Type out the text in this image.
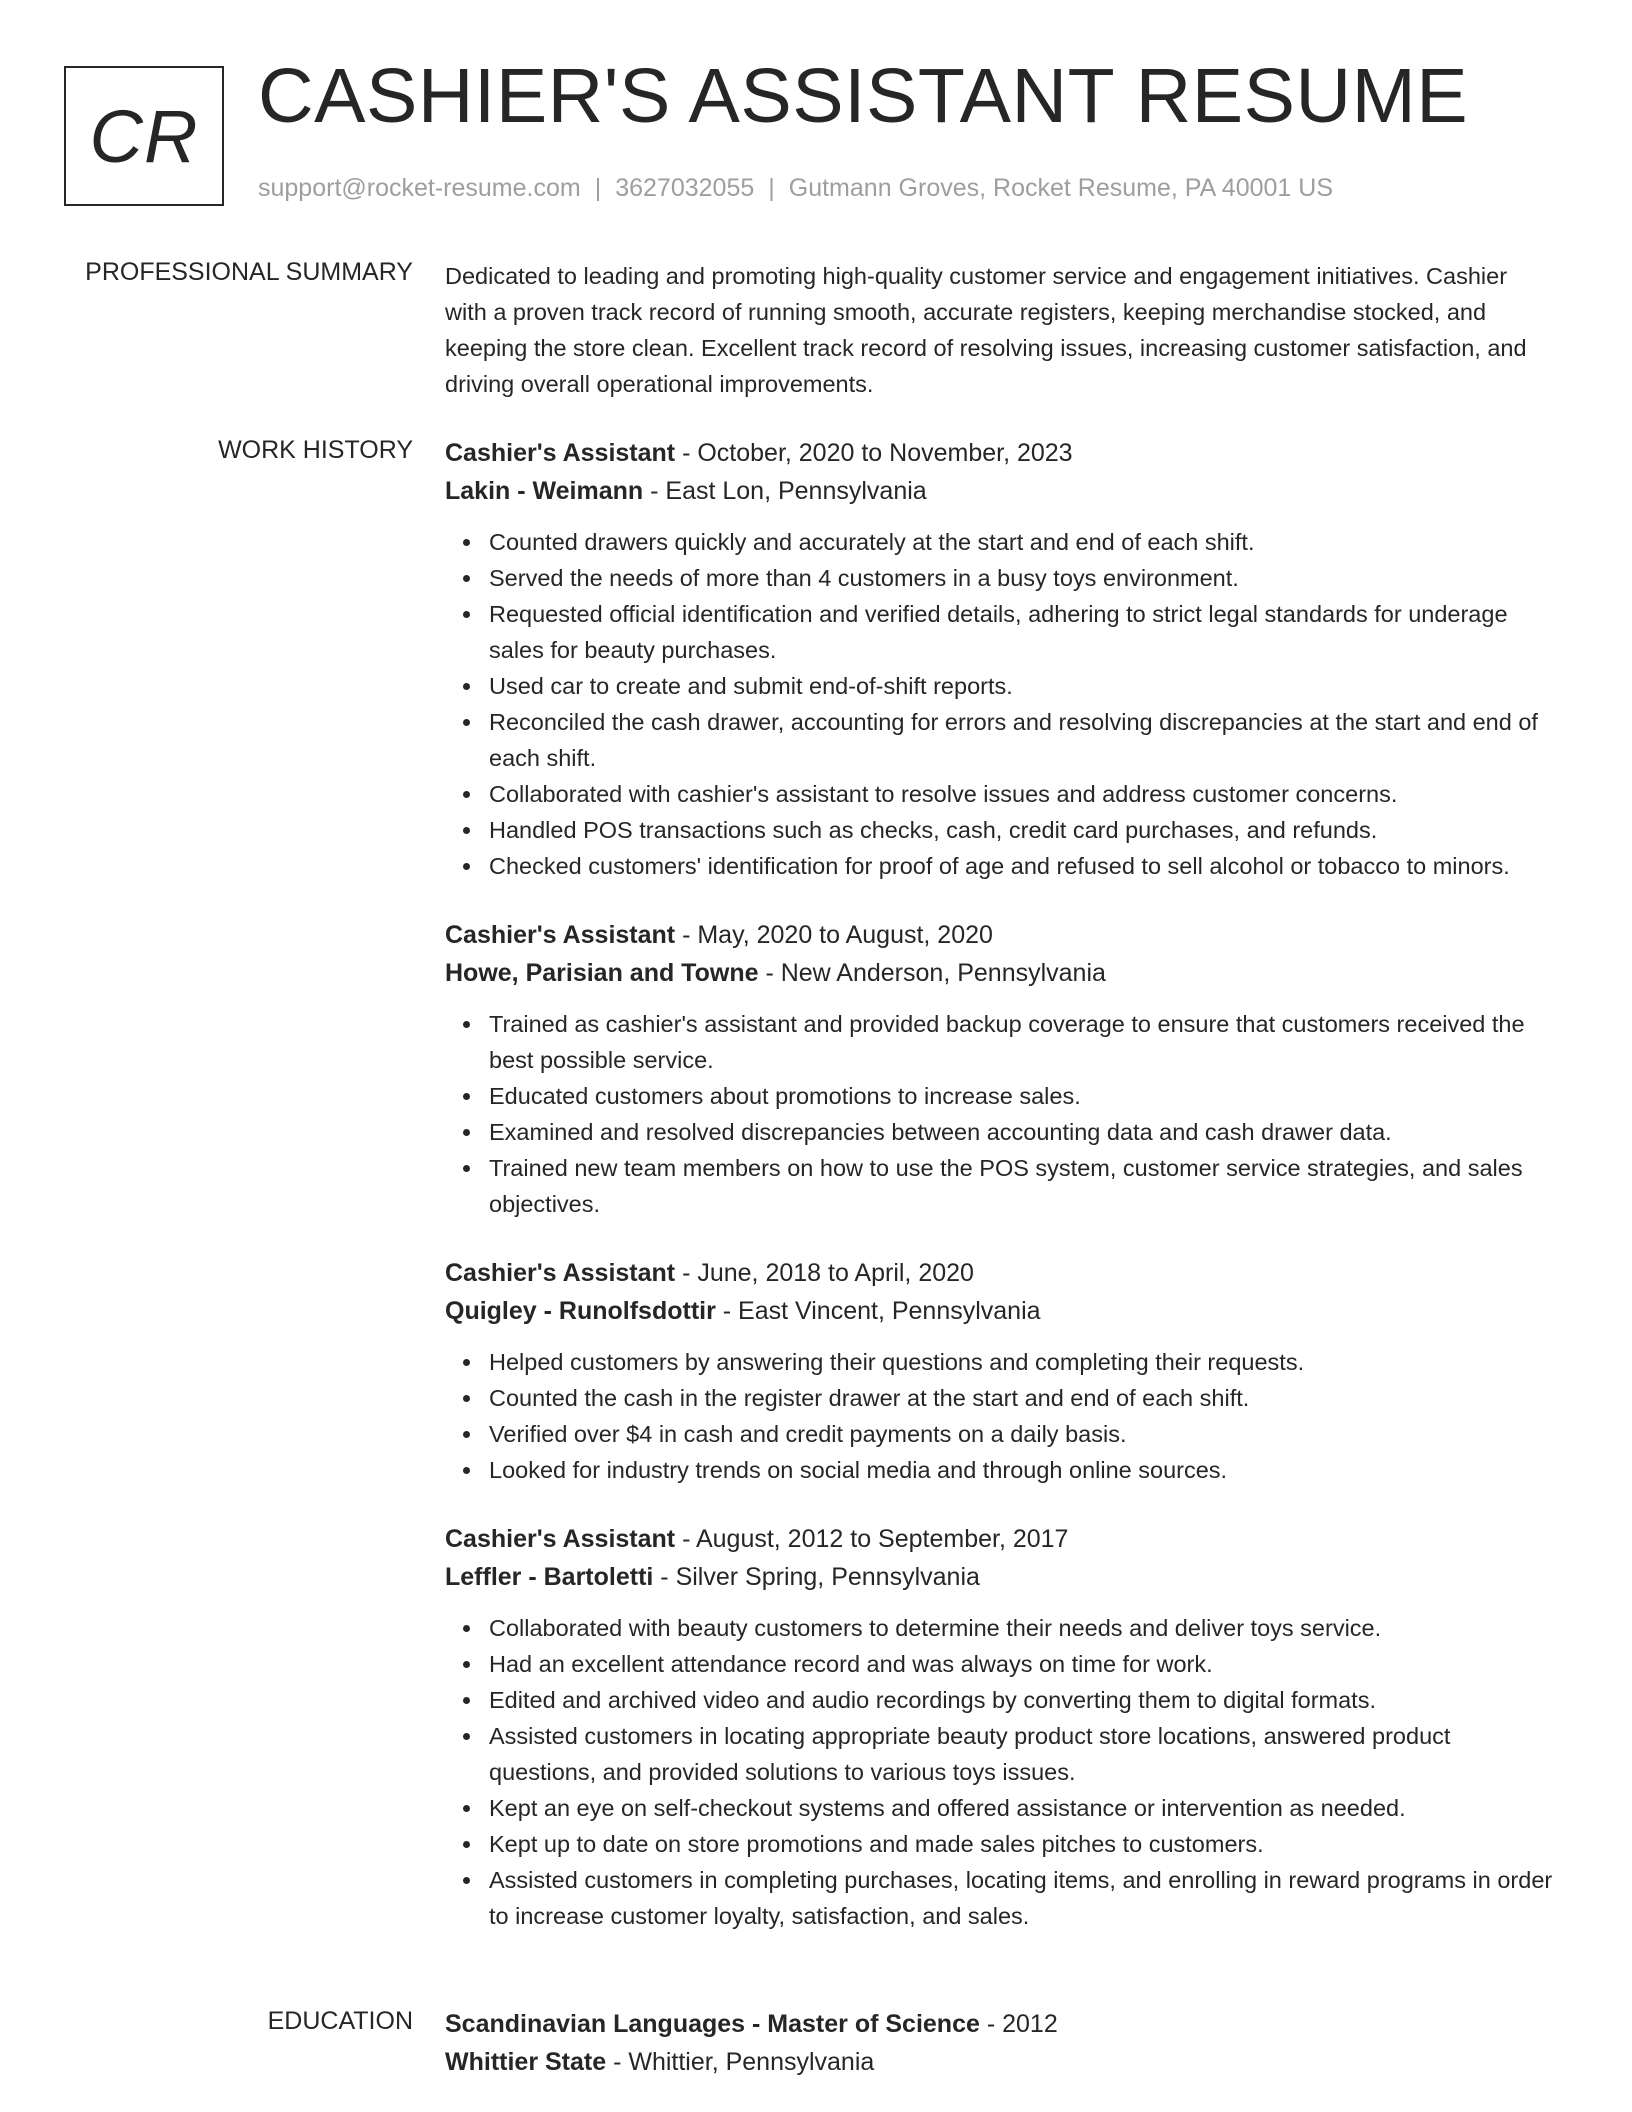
CR CASHIER'S ASSISTANT RESUME
support@rocket-resume.com | 3627032055 | Gutmann Groves, Rocket Resume, PA 40001 US
PROFESSIONAL SUMMARY Dedicated to leading and promoting high-quality customer service and engagement initiatives. Cashier with a proven track record of running smooth, accurate registers, keeping merchandise stocked, and keeping the store clean. Excellent track record of resolving issues, increasing customer satisfaction, and driving overall operational improvements.

WORK HISTORY Cashier's Assistant - October, 2020 to November, 2023
Lakin - Weimann - East Lon, Pennsylvania
Counted drawers quickly and accurately at the start and end of each shift.
Served the needs of more than 4 customers in a busy toys environment.
Requested official identification and verified details, adhering to strict legal standards for underage sales for beauty purchases.
Used car to create and submit end-of-shift reports.
Reconciled the cash drawer, accounting for errors and resolving discrepancies at the start and end of each shift.
Collaborated with cashier's assistant to resolve issues and address customer concerns.
Handled POS transactions such as checks, cash, credit card purchases, and refunds.
Checked customers' identification for proof of age and refused to sell alcohol or tobacco to minors.
Cashier's Assistant - May, 2020 to August, 2020
Howe, Parisian and Towne - New Anderson, Pennsylvania
Trained as cashier's assistant and provided backup coverage to ensure that customers received the best possible service.
Educated customers about promotions to increase sales.
Examined and resolved discrepancies between accounting data and cash drawer data.
Trained new team members on how to use the POS system, customer service strategies, and sales objectives.
Cashier's Assistant - June, 2018 to April, 2020
Quigley - Runolfsdottir - East Vincent, Pennsylvania
Helped customers by answering their questions and completing their requests.
Counted the cash in the register drawer at the start and end of each shift.
Verified over $4 in cash and credit payments on a daily basis.
Looked for industry trends on social media and through online sources.
Cashier's Assistant - August, 2012 to September, 2017
Leffler - Bartoletti - Silver Spring, Pennsylvania
Collaborated with beauty customers to determine their needs and deliver toys service.
Had an excellent attendance record and was always on time for work.
Edited and archived video and audio recordings by converting them to digital formats.
Assisted customers in locating appropriate beauty product store locations, answered product questions, and provided solutions to various toys issues.
Kept an eye on self-checkout systems and offered assistance or intervention as needed.
Kept up to date on store promotions and made sales pitches to customers.
Assisted customers in completing purchases, locating items, and enrolling in reward programs in order to increase customer loyalty, satisfaction, and sales.
EDUCATION Scandinavian Languages - Master of Science - 2012
Whittier State - Whittier, Pennsylvania
